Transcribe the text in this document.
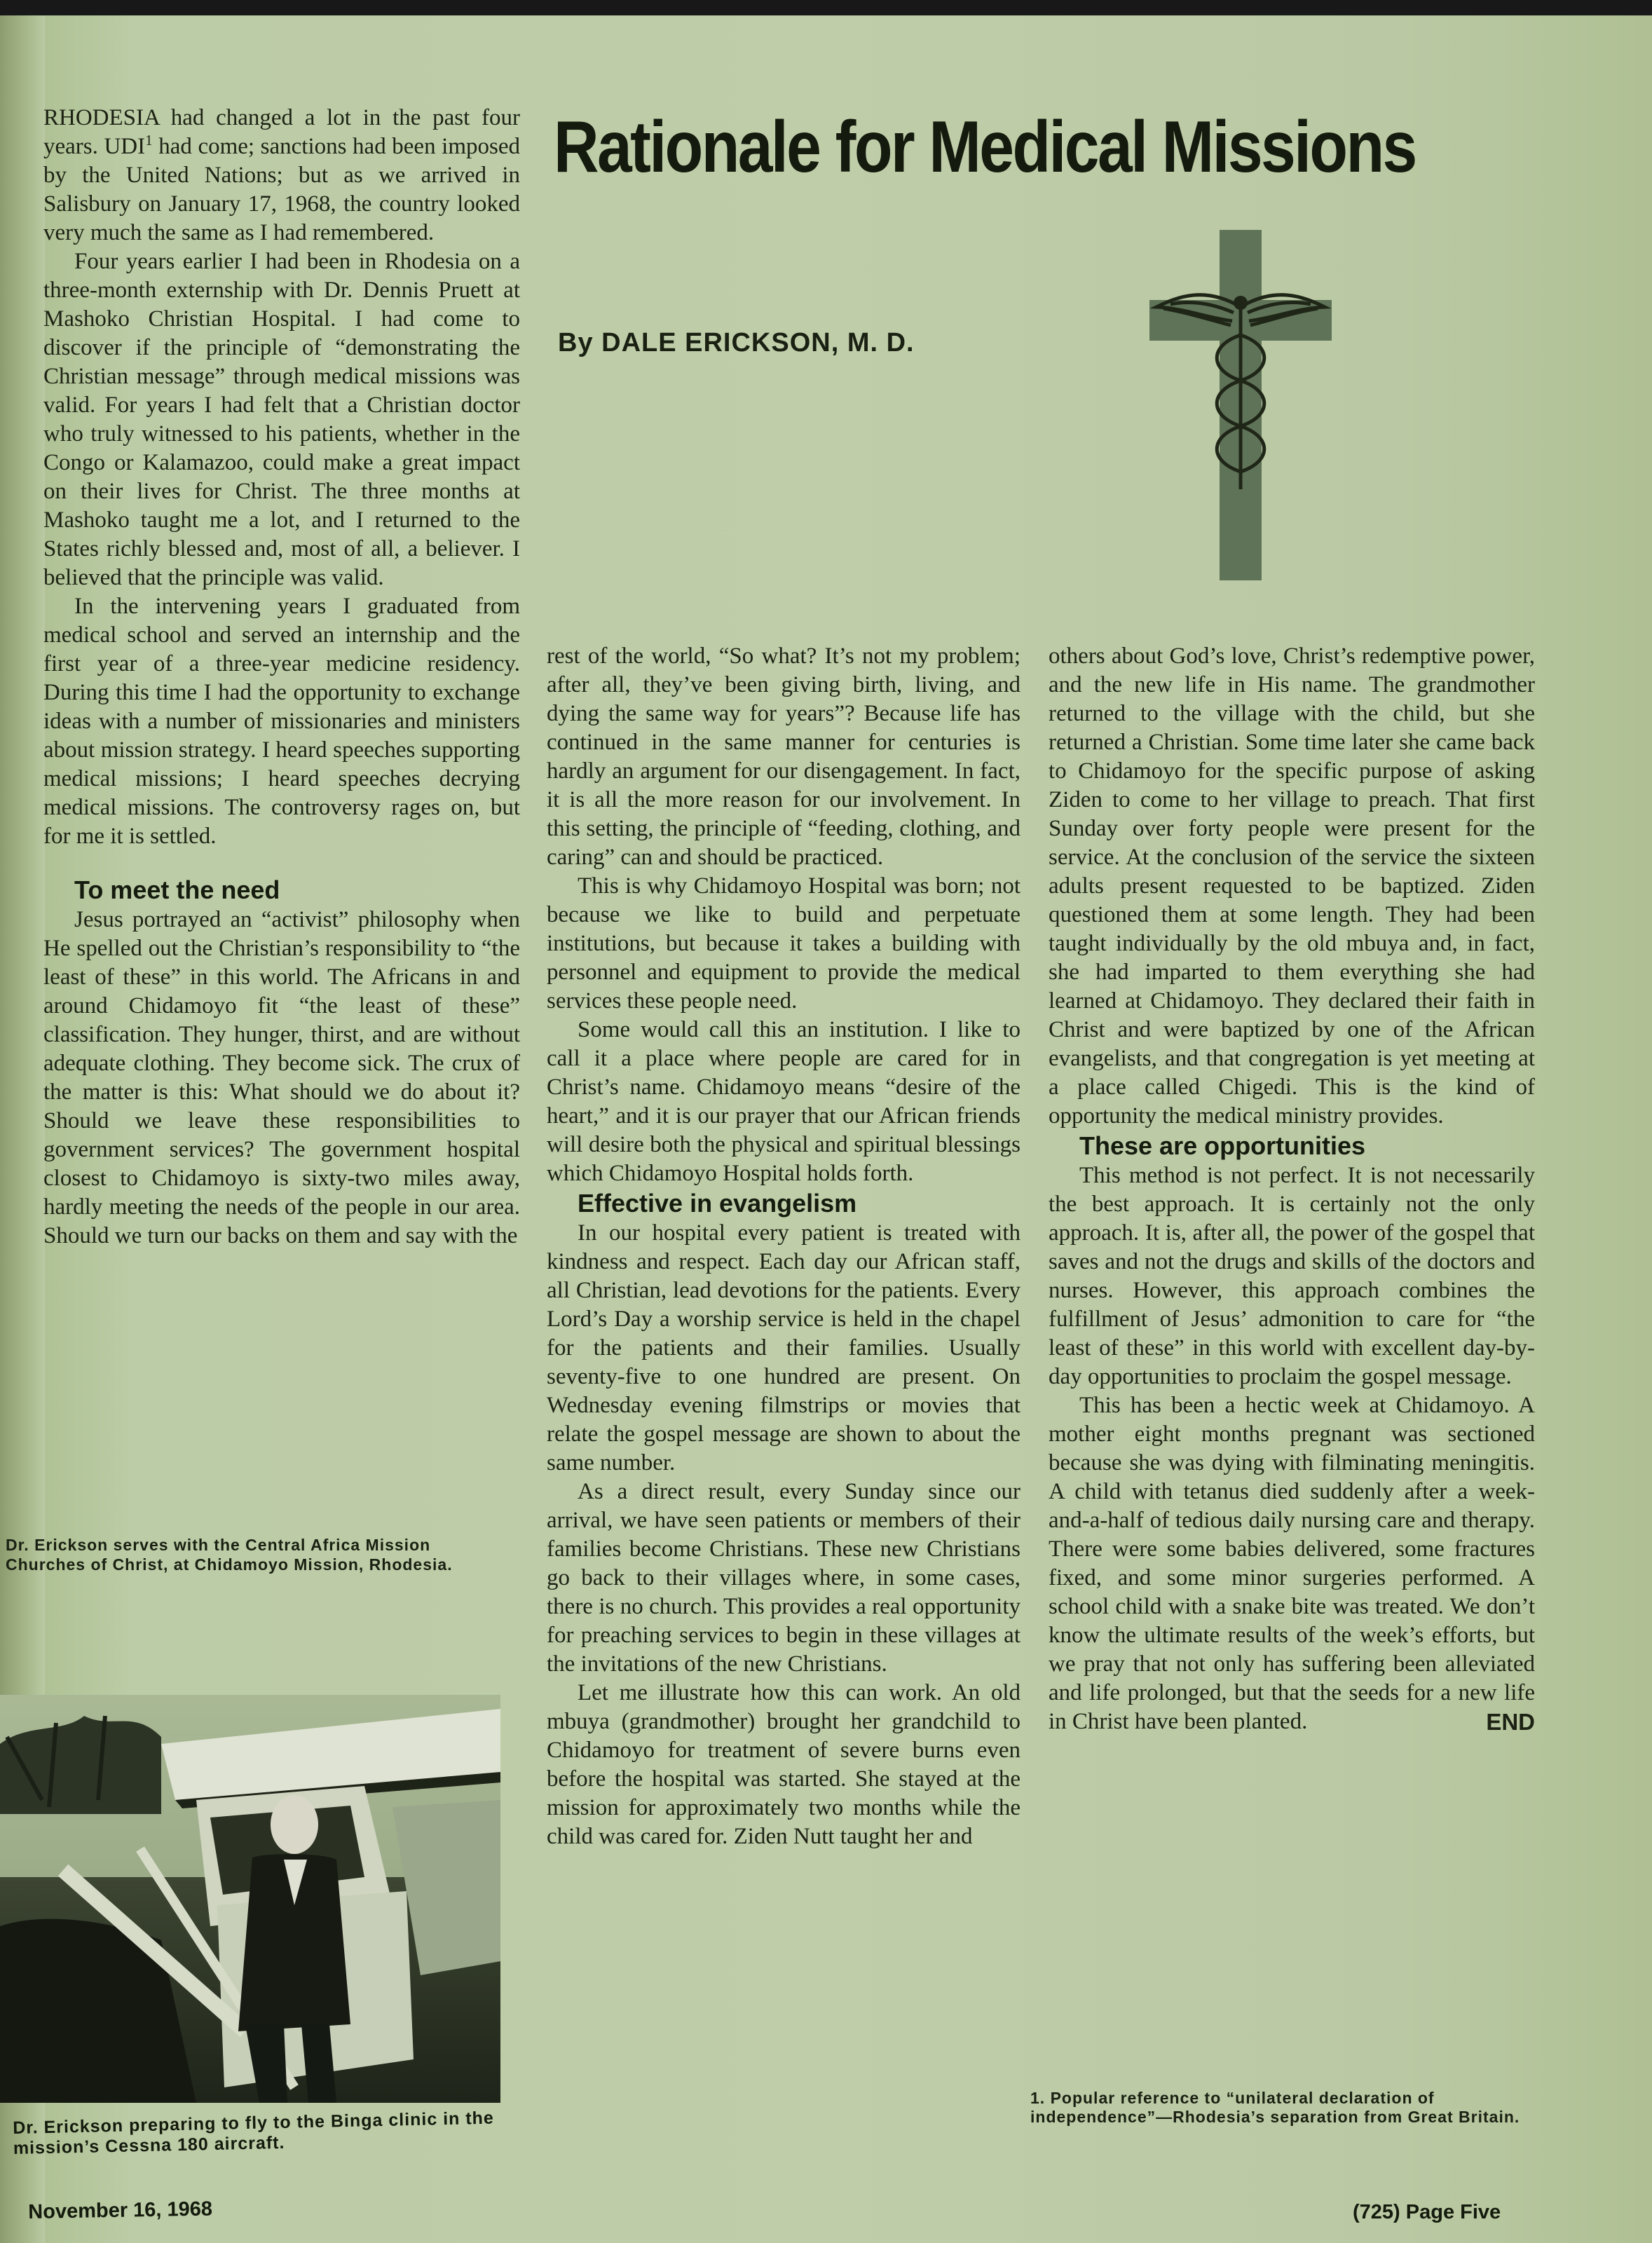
Rationale for Medical Missions
By DALE ERICKSON, M. D.

RHODESIA had changed a lot in the past four years. UDI$^1$ had come; sanctions had been imposed by the United Nations; but as we arrived in Salisbury on January 17, 1968, the country looked very much the same as I had remembered.

Four years earlier I had been in Rhodesia on a three-month externship with Dr. Dennis Pruett at Mashoko Christian Hospital. I had come to discover if the principle of “demonstrating the Christian message” through medical missions was valid. For years I had felt that a Christian doctor who truly witnessed to his patients, whether in the Congo or Kalamazoo, could make a great impact on their lives for Christ. The three months at Mashoko taught me a lot, and I returned to the States richly blessed and, most of all, a believer. I believed that the principle was valid.

In the intervening years I graduated from medical school and served an internship and the first year of a three-year medicine residency. During this time I had the opportunity to exchange ideas with a number of missionaries and ministers about mission strategy. I heard speeches supporting medical missions; I heard speeches decrying medical missions. The controversy rages on, but for me it is settled.

To meet the need

Jesus portrayed an “activist” philosophy when He spelled out the Christian’s responsibility to “the least of these” in this world. The Africans in and around Chidamoyo fit “the least of these” classification. They hunger, thirst, and are without adequate clothing. They become sick. The crux of the matter is this: What should we do about it? Should we leave these responsibilities to government services? The government hospital closest to Chidamoyo is sixty-two miles away, hardly meeting the needs of the people in our area. Should we turn our backs on them and say with the

Dr. Erickson serves with the Central Africa Mission Churches of Christ, at Chidamoyo Mission, Rhodesia.
Dr. Erickson preparing to fly to the Binga clinic in the mission’s Cessna 180 aircraft.

rest of the world, “So what? It’s not my problem; after all, they’ve been giving birth, living, and dying the same way for years”? Because life has continued in the same manner for centuries is hardly an argument for our disengagement. In fact, it is all the more reason for our involvement. In this setting, the principle of “feeding, clothing, and caring” can and should be practiced.

This is why Chidamoyo Hospital was born; not because we like to build and perpetuate institutions, but because it takes a building with personnel and equipment to provide the medical services these people need.

Some would call this an institution. I like to call it a place where people are cared for in Christ’s name. Chidamoyo means “desire of the heart,” and it is our prayer that our African friends will desire both the physical and spiritual blessings which Chidamoyo Hospital holds forth.

Effective in evangelism

In our hospital every patient is treated with kindness and respect. Each day our African staff, all Christian, lead devotions for the patients. Every Lord’s Day a worship service is held in the chapel for the patients and their families. Usually seventy-five to one hundred are present. On Wednesday evening filmstrips or movies that relate the gospel message are shown to about the same number.

As a direct result, every Sunday since our arrival, we have seen patients or members of their families become Christians. These new Christians go back to their villages where, in some cases, there is no church. This provides a real opportunity for preaching services to begin in these villages at the invitations of the new Christians.

Let me illustrate how this can work. An old mbuya (grandmother) brought her grandchild to Chidamoyo for treatment of severe burns even before the hospital was started. She stayed at the mission for approximately two months while the child was cared for. Ziden Nutt taught her and

others about God’s love, Christ’s redemptive power, and the new life in His name. The grandmother returned to the village with the child, but she returned a Christian. Some time later she came back to Chidamoyo for the specific purpose of asking Ziden to come to her village to preach. That first Sunday over forty people were present for the service. At the conclusion of the service the sixteen adults present requested to be baptized. Ziden questioned them at some length. They had been taught individually by the old mbuya and, in fact, she had imparted to them everything she had learned at Chidamoyo. They declared their faith in Christ and were baptized by one of the African evangelists, and that congregation is yet meeting at a place called Chigedi. This is the kind of opportunity the medical ministry provides.

These are opportunities

This method is not perfect. It is not necessarily the best approach. It is certainly not the only approach. It is, after all, the power of the gospel that saves and not the drugs and skills of the doctors and nurses. However, this approach combines the fulfillment of Jesus’ admonition to care for “the least of these” in this world with excellent day-by-day opportunities to proclaim the gospel message.

This has been a hectic week at Chidamoyo. A mother eight months pregnant was sectioned because she was dying with filminating meningitis. A child with tetanus died suddenly after a week-and-a-half of tedious daily nursing care and therapy. There were some babies delivered, some fractures fixed, and some minor surgeries performed. A school child with a snake bite was treated. We don’t know the ultimate results of the week’s efforts, but we pray that not only has suffering been alleviated and life prolonged, but that the seeds for a new life in Christ have been planted.	END

1. Popular reference to “unilateral declaration of independence”—Rhodesia’s separation from Great Britain.
November 16, 1968	(725) Page Five
